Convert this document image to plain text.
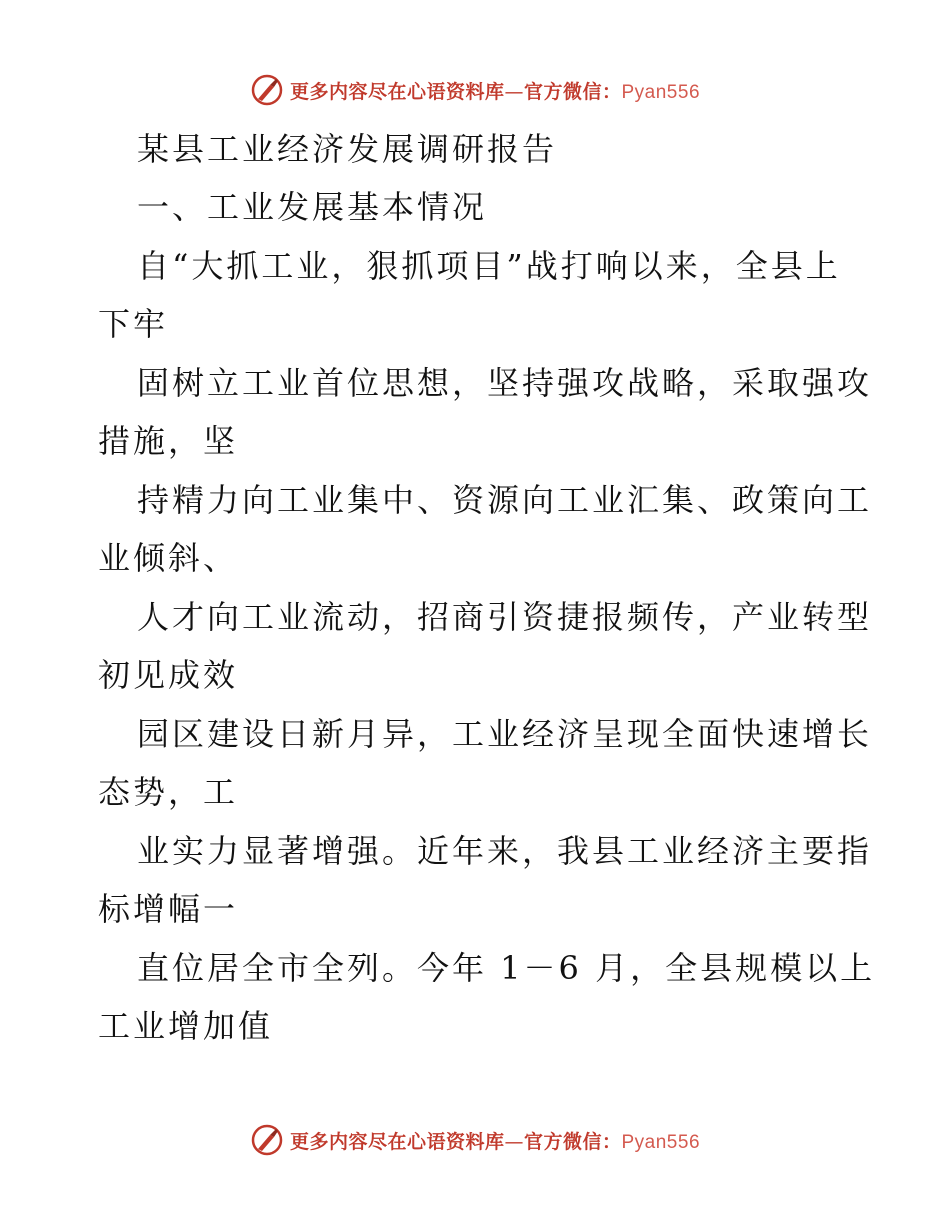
更多内容尽在心语资料库—官方微信：Pyan556
某县工业经济发展调研报告
一、工业发展基本情况
自“大抓工业，狠抓项目”战打响以来，全县上
下牢
固树立工业首位思想，坚持强攻战略，采取强攻
措施，坚
持精力向工业集中、资源向工业汇集、政策向工
业倾斜、
人才向工业流动，招商引资捷报频传，产业转型
初见成效
园区建设日新月异，工业经济呈现全面快速增长
态势，工
业实力显著增强。近年来，我县工业经济主要指
标增幅一
直位居全市全列。今年 1－6 月，全县规模以上
工业增加值
更多内容尽在心语资料库—官方微信：Pyan556
